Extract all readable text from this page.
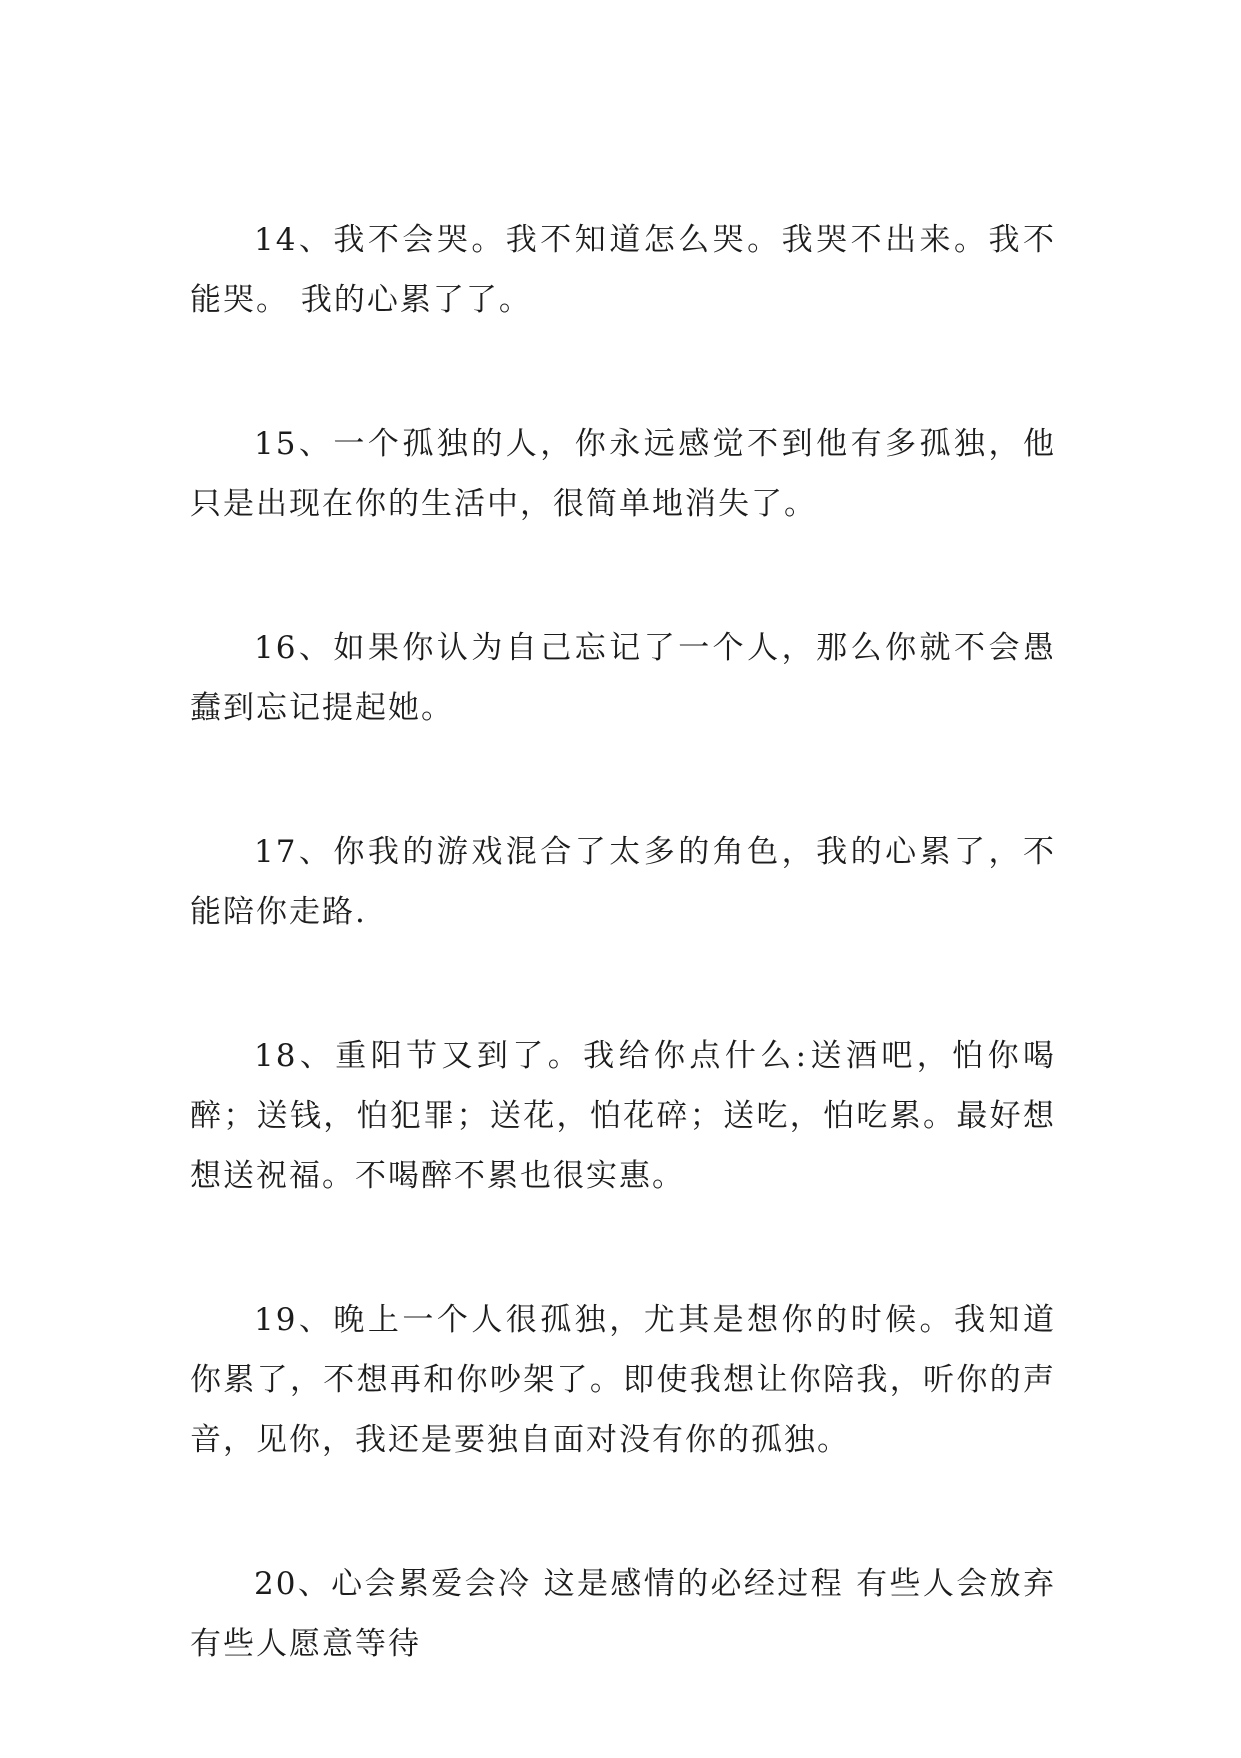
14、我不会哭。我不知道怎么哭。我哭不出来。我不能哭。 我的心累了了。

15、一个孤独的人，你永远感觉不到他有多孤独，他只是出现在你的生活中，很简单地消失了。

16、如果你认为自己忘记了一个人，那么你就不会愚蠢到忘记提起她。

17、你我的游戏混合了太多的角色，我的心累了，不能陪你走路.

18、重阳节又到了。我给你点什么:送酒吧，怕你喝醉；送钱，怕犯罪；送花，怕花碎；送吃，怕吃累。最好想想送祝福。不喝醉不累也很实惠。

19、晚上一个人很孤独，尤其是想你的时候。我知道你累了，不想再和你吵架了。即使我想让你陪我，听你的声音，见你，我还是要独自面对没有你的孤独。

20、心会累爱会冷 这是感情的必经过程 有些人会放弃有些人愿意等待
